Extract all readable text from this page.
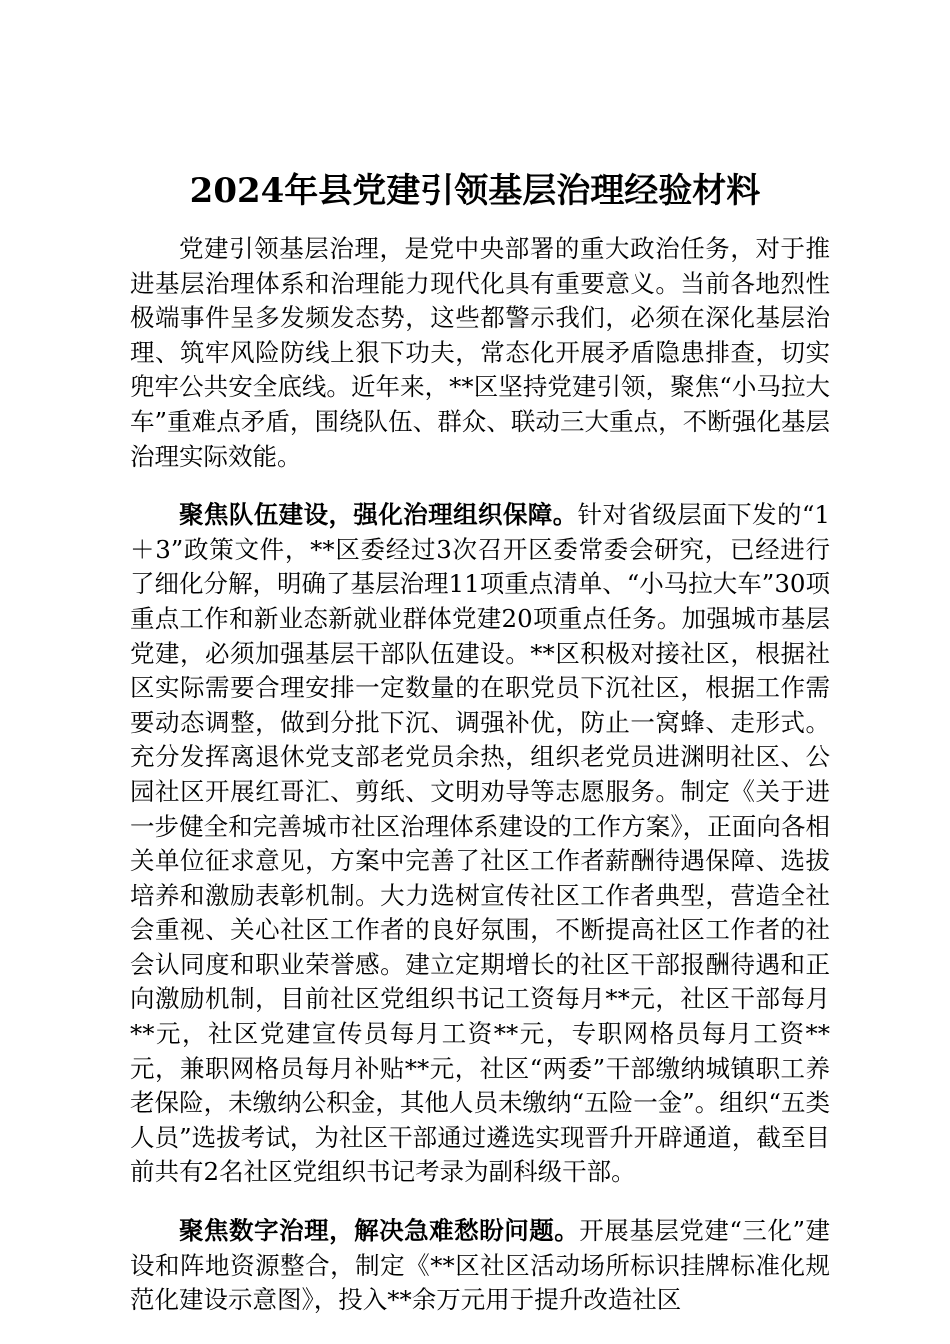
2024年县党建引领基层治理经验材料

党建引领基层治理，是党中央部署的重大政治任务，对于推进基层治理体系和治理能力现代化具有重要意义。当前各地烈性极端事件呈多发频发态势，这些都警示我们，必须在深化基层治理、筑牢风险防线上狠下功夫，常态化开展矛盾隐患排查，切实兜牢公共安全底线。近年来，**区坚持党建引领，聚焦“小马拉大车”重难点矛盾，围绕队伍、群众、联动三大重点，不断强化基层治理实际效能。

聚焦队伍建设，强化治理组织保障。针对省级层面下发的“1＋3”政策文件，**区委经过3次召开区委常委会研究，已经进行了细化分解，明确了基层治理11项重点清单、“小马拉大车”30项重点工作和新业态新就业群体党建20项重点任务。加强城市基层党建，必须加强基层干部队伍建设。**区积极对接社区，根据社区实际需要合理安排一定数量的在职党员下沉社区，根据工作需要动态调整，做到分批下沉、调强补优，防止一窝蜂、走形式。充分发挥离退休党支部老党员余热，组织老党员进渊明社区、公园社区开展红哥汇、剪纸、文明劝导等志愿服务。制定《关于进一步健全和完善城市社区治理体系建设的工作方案》，正面向各相关单位征求意见，方案中完善了社区工作者薪酬待遇保障、选拔培养和激励表彰机制。大力选树宣传社区工作者典型，营造全社会重视、关心社区工作者的良好氛围，不断提高社区工作者的社会认同度和职业荣誉感。建立定期增长的社区干部报酬待遇和正向激励机制，目前社区党组织书记工资每月**元，社区干部每月**元，社区党建宣传员每月工资**元，专职网格员每月工资**元，兼职网格员每月补贴**元，社区“两委”干部缴纳城镇职工养老保险，未缴纳公积金，其他人员未缴纳“五险一金”。组织“五类人员”选拔考试，为社区干部通过遴选实现晋升开辟通道，截至目前共有2名社区党组织书记考录为副科级干部。

聚焦数字治理，解决急难愁盼问题。开展基层党建“三化”建设和阵地资源整合，制定《**区社区活动场所标识挂牌标准化规范化建设示意图》，投入**余万元用于提升改造社区
